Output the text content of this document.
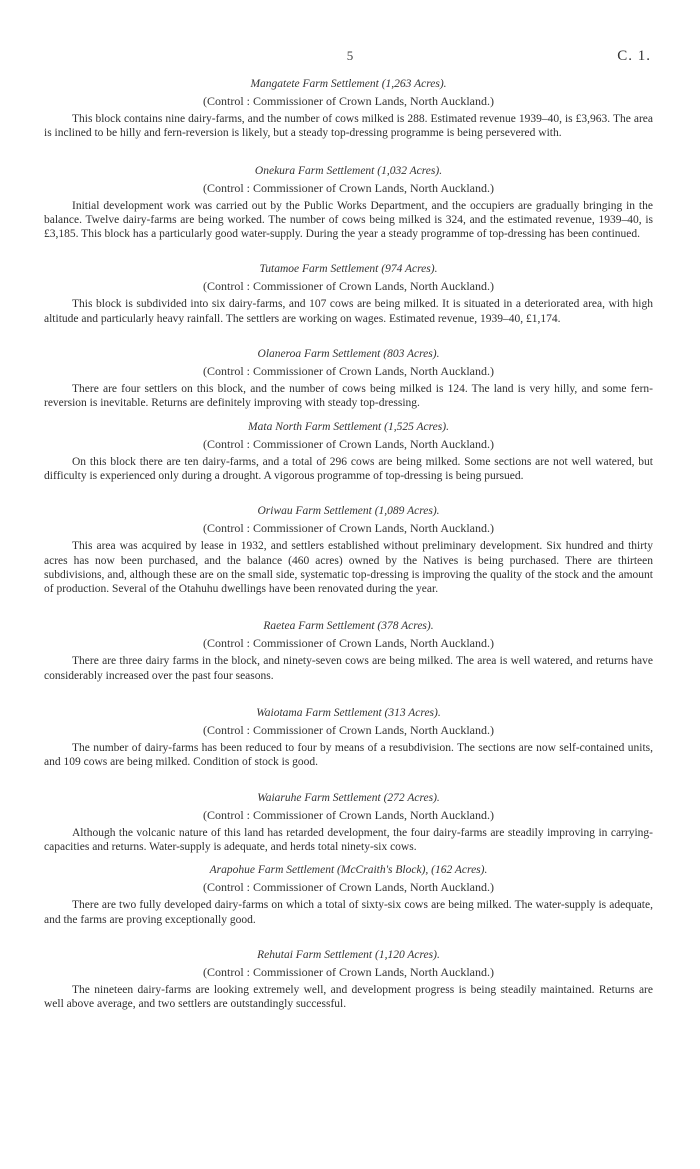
5	C. 1.
Mangatete Farm Settlement (1,263 Acres).
(Control : Commissioner of Crown Lands, North Auckland.)

This block contains nine dairy-farms, and the number of cows milked is 288. Estimated revenue 1939–40, is £3,963. The area is inclined to be hilly and fern-reversion is likely, but a steady top-dressing programme is being persevered with.

Onekura Farm Settlement (1,032 Acres).
(Control : Commissioner of Crown Lands, North Auckland.)

Initial development work was carried out by the Public Works Department, and the occupiers are gradually bringing in the balance. Twelve dairy-farms are being worked. The number of cows being milked is 324, and the estimated revenue, 1939–40, is £3,185. This block has a particularly good water-supply. During the year a steady programme of top-dressing has been continued.

Tutamoe Farm Settlement (974 Acres).
(Control : Commissioner of Crown Lands, North Auckland.)

This block is subdivided into six dairy-farms, and 107 cows are being milked. It is situated in a deteriorated area, with high altitude and particularly heavy rainfall. The settlers are working on wages. Estimated revenue, 1939–40, £1,174.

Olaneroa Farm Settlement (803 Acres).
(Control : Commissioner of Crown Lands, North Auckland.)

There are four settlers on this block, and the number of cows being milked is 124. The land is very hilly, and some fern-reversion is inevitable. Returns are definitely improving with steady top-dressing.

Mata North Farm Settlement (1,525 Acres).
(Control : Commissioner of Crown Lands, North Auckland.)

On this block there are ten dairy-farms, and a total of 296 cows are being milked. Some sections are not well watered, but difficulty is experienced only during a drought. A vigorous programme of top-dressing is being pursued.

Oriwau Farm Settlement (1,089 Acres).
(Control : Commissioner of Crown Lands, North Auckland.)

This area was acquired by lease in 1932, and settlers established without preliminary development. Six hundred and thirty acres has now been purchased, and the balance (460 acres) owned by the Natives is being purchased. There are thirteen subdivisions, and, although these are on the small side, systematic top-dressing is improving the quality of the stock and the amount of production. Several of the Otahuhu dwellings have been renovated during the year.

Raetea Farm Settlement (378 Acres).
(Control : Commissioner of Crown Lands, North Auckland.)

There are three dairy farms in the block, and ninety-seven cows are being milked. The area is well watered, and returns have considerably increased over the past four seasons.

Waiotama Farm Settlement (313 Acres).
(Control : Commissioner of Crown Lands, North Auckland.)

The number of dairy-farms has been reduced to four by means of a resubdivision. The sections are now self-contained units, and 109 cows are being milked. Condition of stock is good.

Waiaruhe Farm Settlement (272 Acres).
(Control : Commissioner of Crown Lands, North Auckland.)

Although the volcanic nature of this land has retarded development, the four dairy-farms are steadily improving in carrying-capacities and returns. Water-supply is adequate, and herds total ninety-six cows.

Arapohue Farm Settlement (McCraith's Block), (162 Acres).
(Control : Commissioner of Crown Lands, North Auckland.)

There are two fully developed dairy-farms on which a total of sixty-six cows are being milked. The water-supply is adequate, and the farms are proving exceptionally good.

Rehutai Farm Settlement (1,120 Acres).
(Control : Commissioner of Crown Lands, North Auckland.)

The nineteen dairy-farms are looking extremely well, and development progress is being steadily maintained. Returns are well above average, and two settlers are outstandingly successful.
